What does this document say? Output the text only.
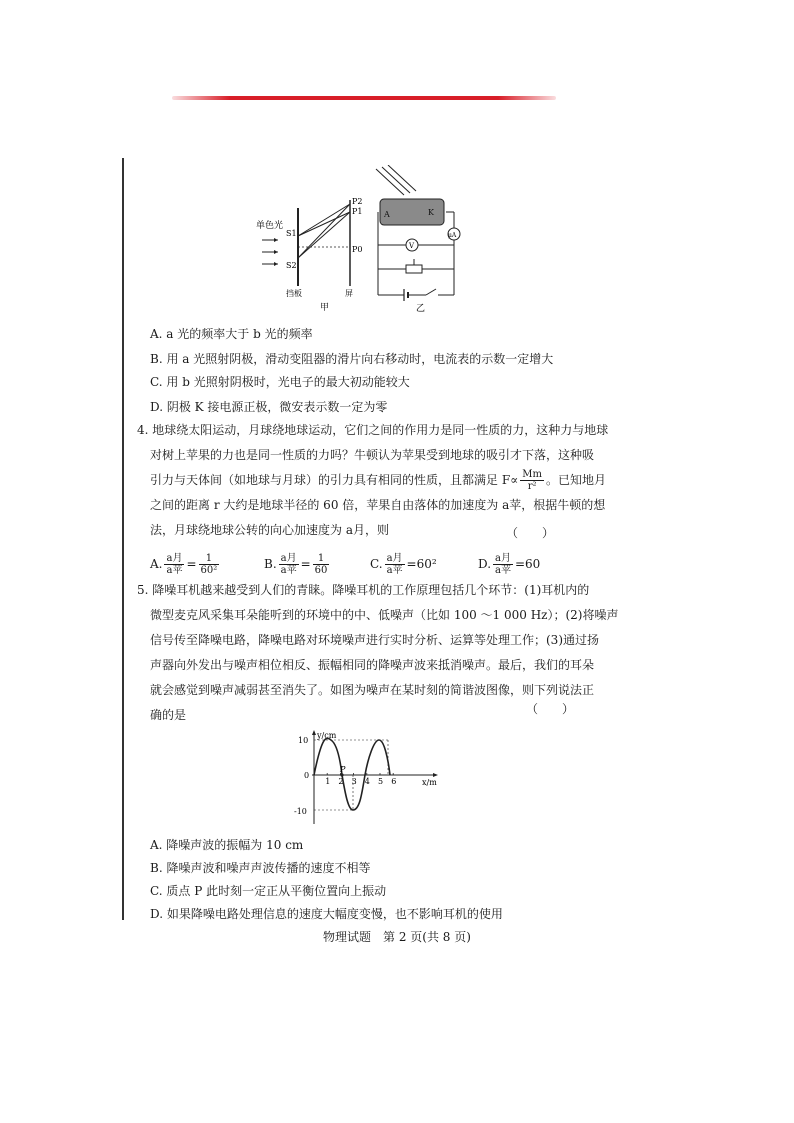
单色光
S1
S2
P2
P1
P0
挡板	屏
甲
A	K
μA
V
乙
A. a 光的频率大于 b 光的频率
B. 用 a 光照射阴极，滑动变阻器的滑片向右移动时，电流表的示数一定增大
C. 用 b 光照射阴极时，光电子的最大初动能较大
D. 阴极 K 接电源正极，微安表示数一定为零
4. 地球绕太阳运动，月球绕地球运动，它们之间的作用力是同一性质的力，这种力与地球
对树上苹果的力也是同一性质的力吗？牛顿认为苹果受到地球的吸引才下落，这种吸
引力与天体间（如地球与月球）的引力具有相同的性质，且都满足 $F\propto \frac{Mm}{\text{r²}}$ 。已知地月
之间的距离 r 大约是地球半径的 60 倍，苹果自由落体的加速度为 a苹，根据牛顿的想
法，月球绕地球公转的向心加速度为 a月，则	（　　）
A. $\frac{\text{a月}}{\text{a苹}} = \frac{1}{\text{60²}}$	B. $\frac{\text{a月}}{\text{a苹}} = \frac{1}{60}$	C. $\frac{\text{a月}}{\text{a苹}} =60^2$	D. $\frac{\text{a月}}{\text{a苹}} =60$
5. 降噪耳机越来越受到人们的青睐。降噪耳机的工作原理包括几个环节：(1)耳机内的
微型麦克风采集耳朵能听到的环境中的中、低噪声（比如 100 ～1 000 Hz）；(2)将噪声
信号传至降噪电路，降噪电路对环境噪声进行实时分析、运算等处理工作；(3)通过扬
声器向外发出与噪声相位相反、振幅相同的降噪声波来抵消噪声。最后，我们的耳朵
就会感觉到噪声减弱甚至消失了。如图为噪声在某时刻的简谐波图像，则下列说法正
确的是	（　　）
y/cm
x/m
10
0
-10
1 2 3 4 5 6
P
A. 降噪声波的振幅为 10 cm
B. 降噪声波和噪声声波传播的速度不相等
C. 质点 P 此时刻一定正从平衡位置向上振动
D. 如果降噪电路处理信息的速度大幅度变慢，也不影响耳机的使用
物理试题　第 2 页(共 8 页)
